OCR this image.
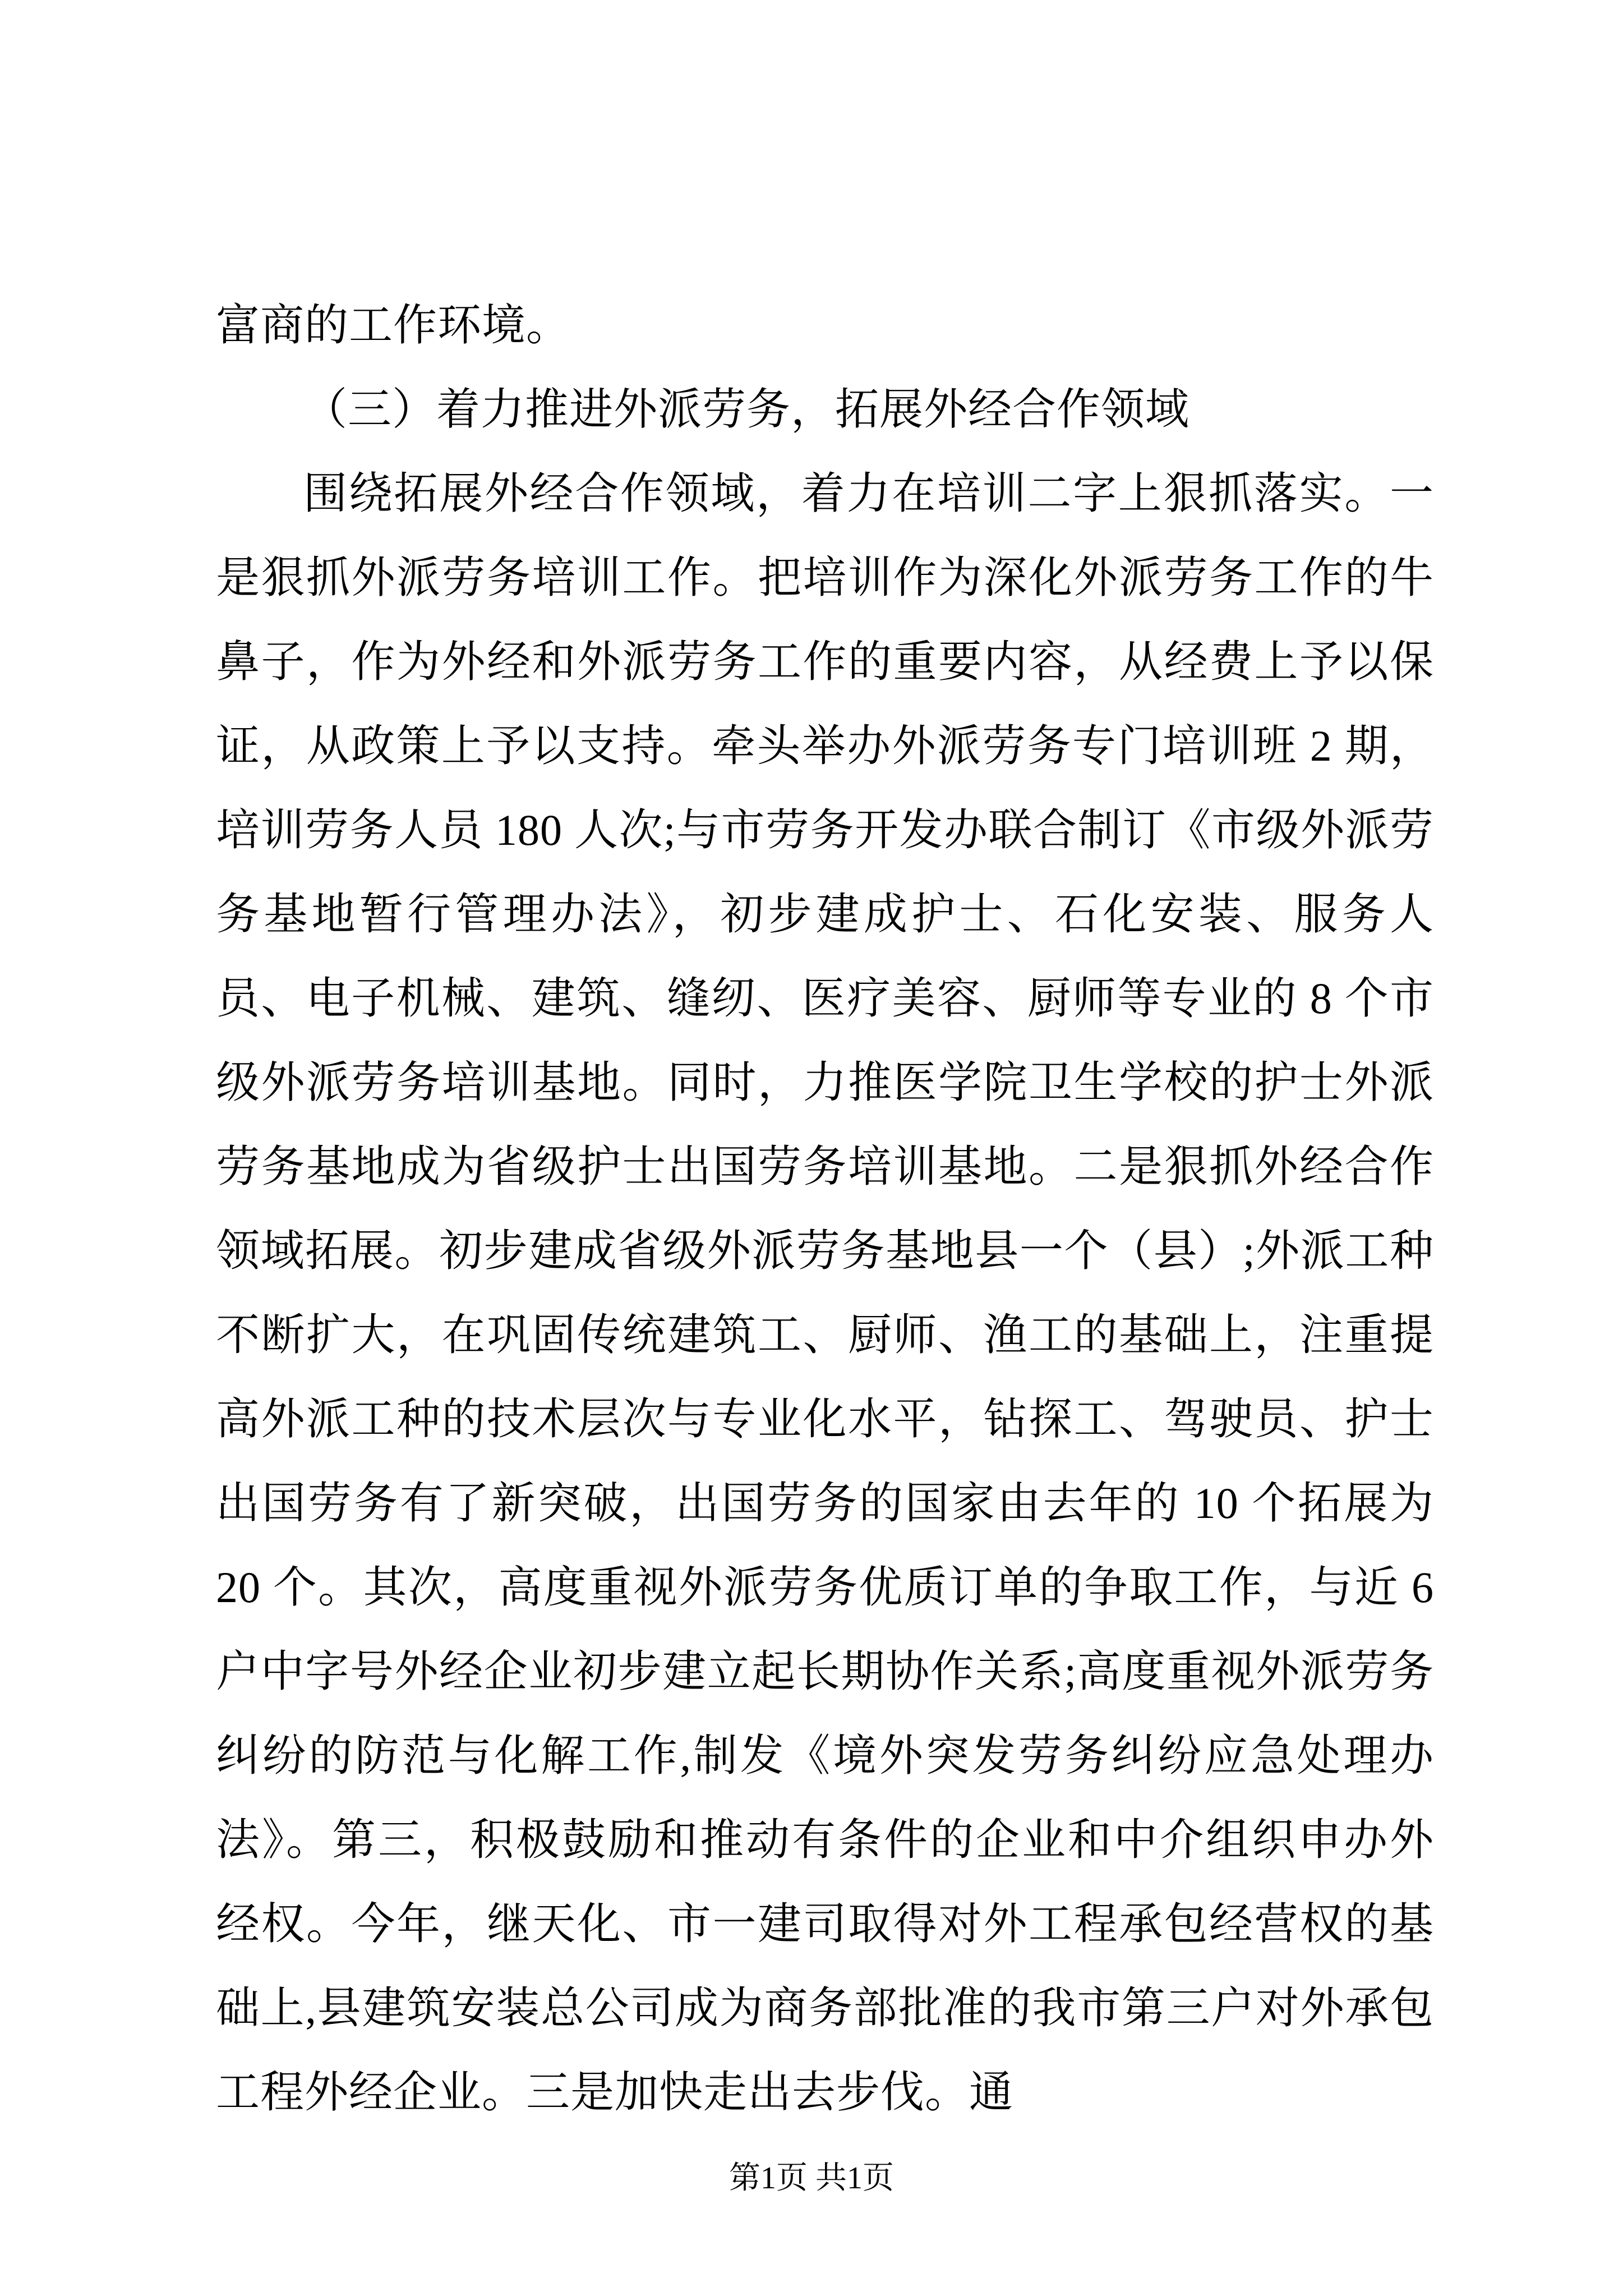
富商的工作环境。

（三）着力推进外派劳务，拓展外经合作领域

围绕拓展外经合作领域，着力在培训二字上狠抓落实。一是狠抓外派劳务培训工作。把培训作为深化外派劳务工作的牛鼻子，作为外经和外派劳务工作的重要内容，从经费上予以保证，从政策上予以支持。牵头举办外派劳务专门培训班 2 期，培训劳务人员 180 人次;与市劳务开发办联合制订《市级外派劳务基地暂行管理办法》，初步建成护士、石化安装、服务人员、电子机械、建筑、缝纫、医疗美容、厨师等专业的 8 个市级外派劳务培训基地。同时，力推医学院卫生学校的护士外派劳务基地成为省级护士出国劳务培训基地。二是狠抓外经合作领域拓展。初步建成省级外派劳务基地县一个（县）;外派工种不断扩大，在巩固传统建筑工、厨师、渔工的基础上，注重提高外派工种的技术层次与专业化水平，钻探工、驾驶员、护士出国劳务有了新突破，出国劳务的国家由去年的 10 个拓展为 20 个。其次，高度重视外派劳务优质订单的争取工作，与近 6 户中字号外经企业初步建立起长期协作关系;高度重视外派劳务纠纷的防范与化解工作,制发《境外突发劳务纠纷应急处理办法》。第三，积极鼓励和推动有条件的企业和中介组织申办外经权。今年，继天化、市一建司取得对外工程承包经营权的基础上,县建筑安装总公司成为商务部批准的我市第三户对外承包工程外经企业。三是加快走出去步伐。通

第1页 共1页
